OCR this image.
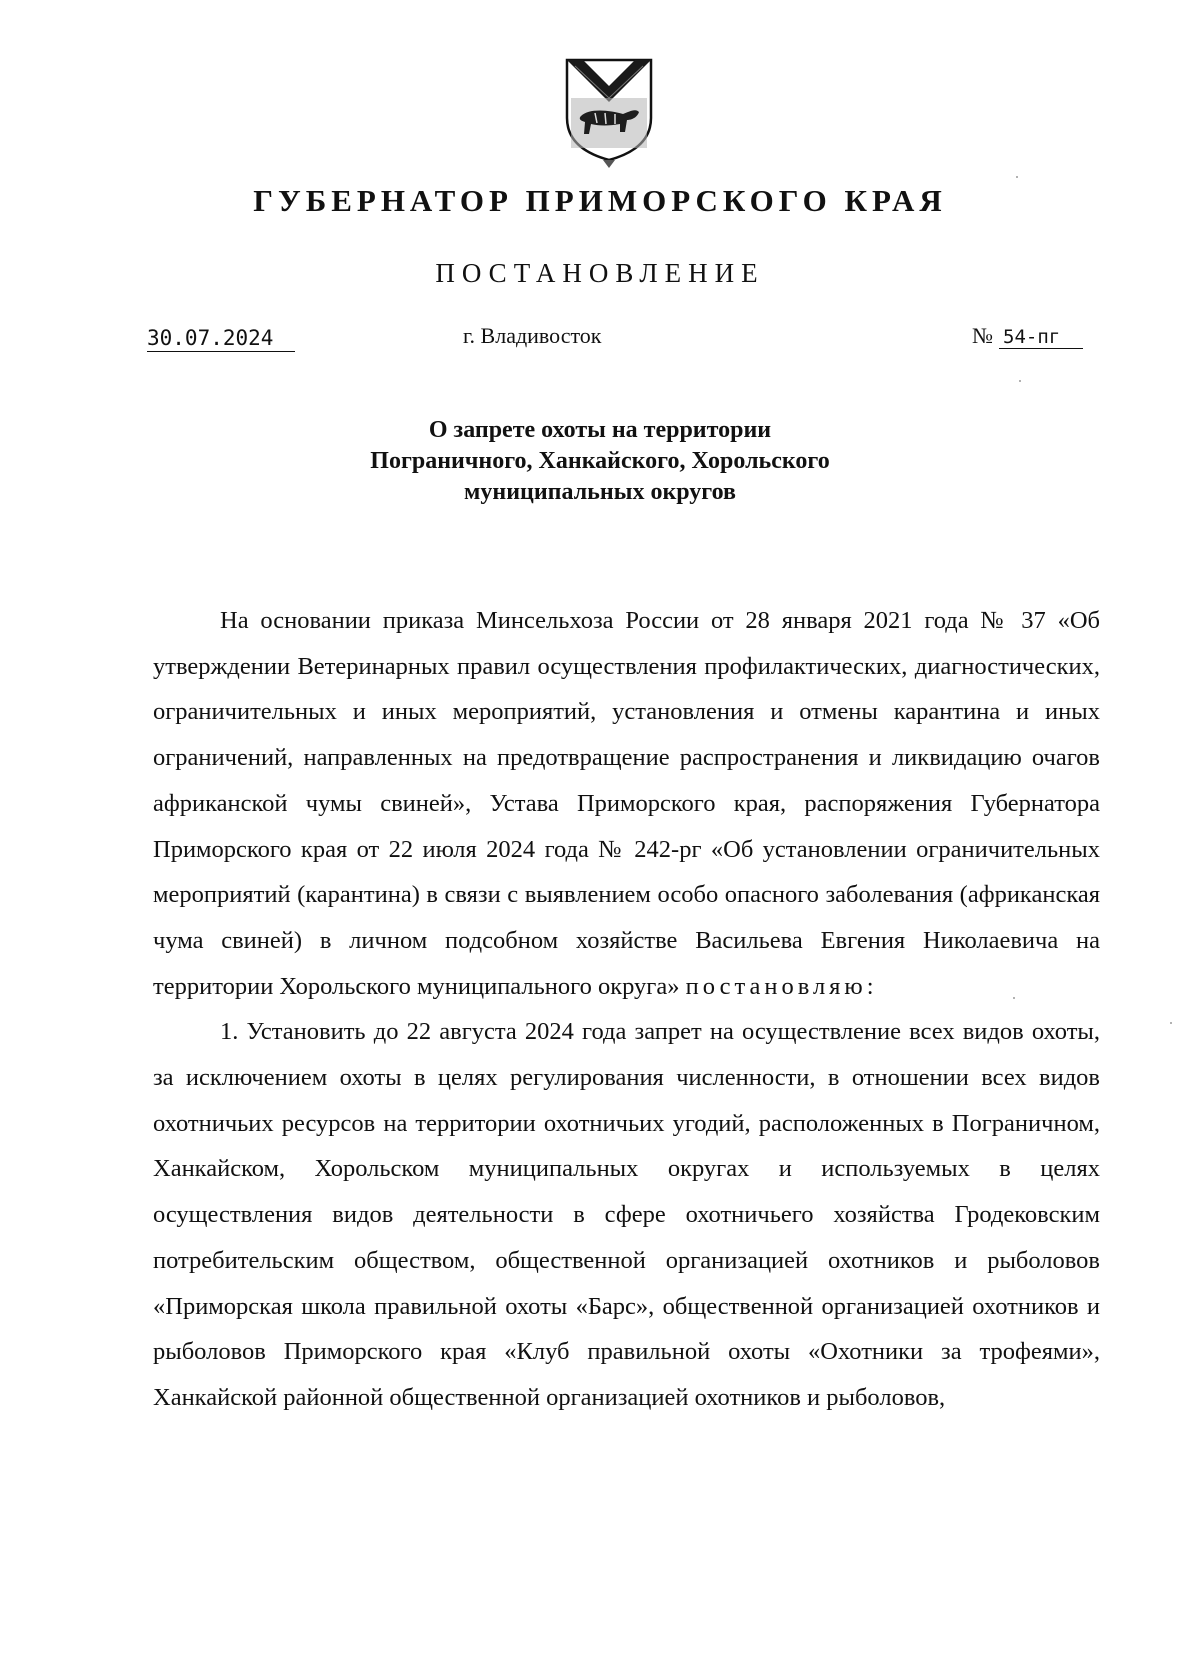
ГУБЕРНАТОР ПРИМОРСКОГО КРАЯ
ПОСТАНОВЛЕНИЕ
30.07.2024	г. Владивосток	№ 54-пг
О запрете охоты на территории
Пограничного, Ханкайского, Хорольского
муниципальных округов

На основании приказа Минсельхоза России от 28 января 2021 года № 37 «Об утверждении Ветеринарных правил осуществления профилактических, диагностических, ограничительных и иных мероприятий, установления и отмены карантина и иных ограничений, направленных на предотвращение распространения и ликвидацию очагов африканской чумы свиней», Устава Приморского края, распоряжения Губернатора Приморского края от 22 июля 2024 года № 242-рг «Об установлении ограничительных мероприятий (карантина) в связи с выявлением особо опасного заболевания (африканская чума свиней) в личном подсобном хозяйстве Васильева Евгения Николаевича на территории Хорольского муниципального округа» постановляю:

1. Установить до 22 августа 2024 года запрет на осуществление всех видов охоты, за исключением охоты в целях регулирования численности, в отношении всех видов охотничьих ресурсов на территории охотничьих угодий, расположенных в Пограничном, Ханкайском, Хорольском муниципальных округах и используемых в целях осуществления видов деятельности в сфере охотничьего хозяйства Гродековским потребительским обществом, общественной организацией охотников и рыболовов «Приморская школа правильной охоты «Барс», общественной организацией охотников и рыболовов Приморского края «Клуб правильной охоты «Охотники за трофеями», Ханкайской районной общественной организацией охотников и рыболовов,
